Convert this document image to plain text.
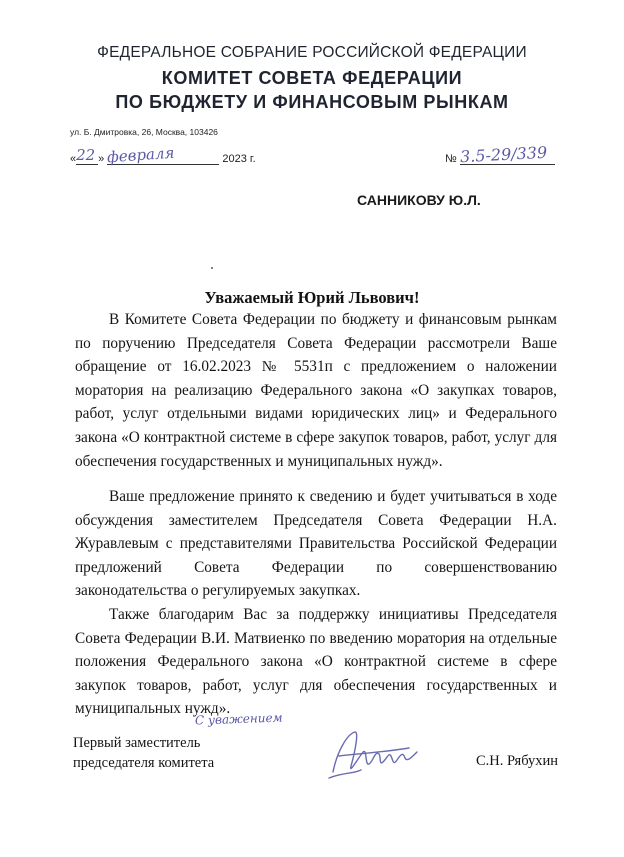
ФЕДЕРАЛЬНОЕ СОБРАНИЕ РОССИЙСКОЙ ФЕДЕРАЦИИ
КОМИТЕТ СОВЕТА ФЕДЕРАЦИИ
ПО БЮДЖЕТУ И ФИНАНСОВЫМ РЫНКАМ
ул. Б. Дмитровка, 26, Москва, 103426
« 22 » февраля	2023 г.	№ 3.5-29/339
САННИКОВУ Ю.Л.
Уважаемый Юрий Львович!

В Комитете Совета Федерации по бюджету и финансовым рынкам по поручению Председателя Совета Федерации рассмотрели Ваше обращение от 16.02.2023 № 5531п с предложением о наложении моратория на реализацию Федерального закона «О закупках товаров, работ, услуг отдельными видами юридических лиц» и Федерального закона «О контрактной системе в сфере закупок товаров, работ, услуг для обеспечения государственных и муниципальных нужд».

Ваше предложение принято к сведению и будет учитываться в ходе обсуждения заместителем Председателя Совета Федерации Н.А. Журавлевым с представителями Правительства Российской Федерации предложений Совета Федерации по совершенствованию законодательства о регулируемых закупках.

Также благодарим Вас за поддержку инициативы Председателя Совета Федерации В.И. Матвиенко по введению моратория на отдельные положения Федерального закона «О контрактной системе в сфере закупок товаров, работ, услуг для обеспечения государственных и муниципальных нужд».

С уважением
Первый заместитель
председателя комитета	С.Н. Рябухин
